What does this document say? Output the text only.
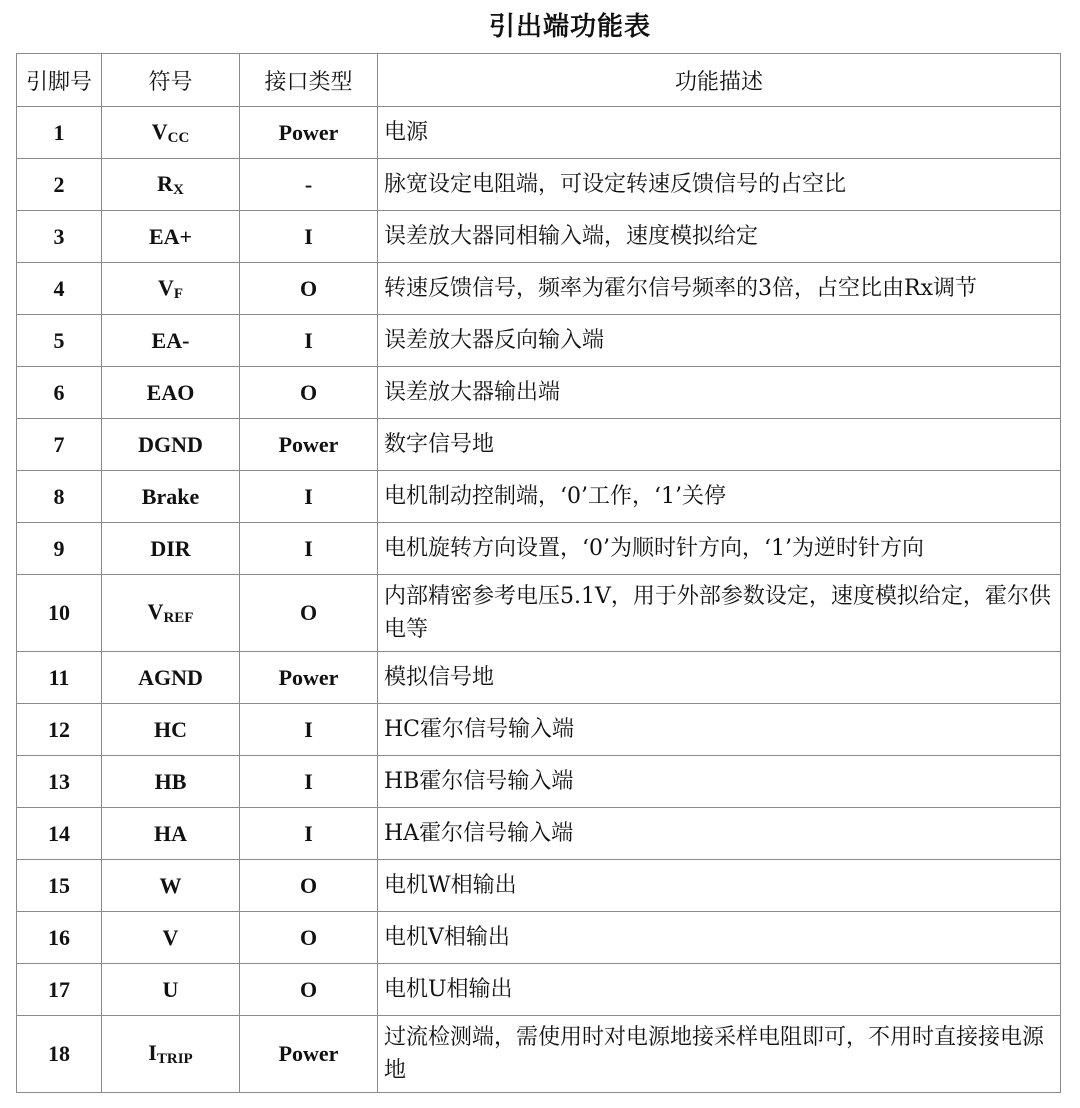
引出端功能表
引脚号	符号	接口类型	功能描述
1	$V_{CC}$	Power	电源
2	$R_X$	-	脉宽设定电阻端，可设定转速反馈信号的占空比
3	EA+	I	误差放大器同相输入端，速度模拟给定
4	$V_F$	O	转速反馈信号，频率为霍尔信号频率的3倍，占空比由Rx调节
5	EA-	I	误差放大器反向输入端
6	EAO	O	误差放大器输出端
7	DGND	Power	数字信号地
8	Brake	I	电机制动控制端，‘0’工作，‘1’关停
9	DIR	I	电机旋转方向设置，‘0’为顺时针方向，‘1’为逆时针方向
10	$V_{REF}$	O	内部精密参考电压5.1V，用于外部参数设定，速度模拟给定，霍尔供电等
11	AGND	Power	模拟信号地
12	HC	I	HC霍尔信号输入端
13	HB	I	HB霍尔信号输入端
14	HA	I	HA霍尔信号输入端
15	W	O	电机W相输出
16	V	O	电机V相输出
17	U	O	电机U相输出
18	$I_{TRIP}$	Power	过流检测端，需使用时对电源地接采样电阻即可，不用时直接接电源地
